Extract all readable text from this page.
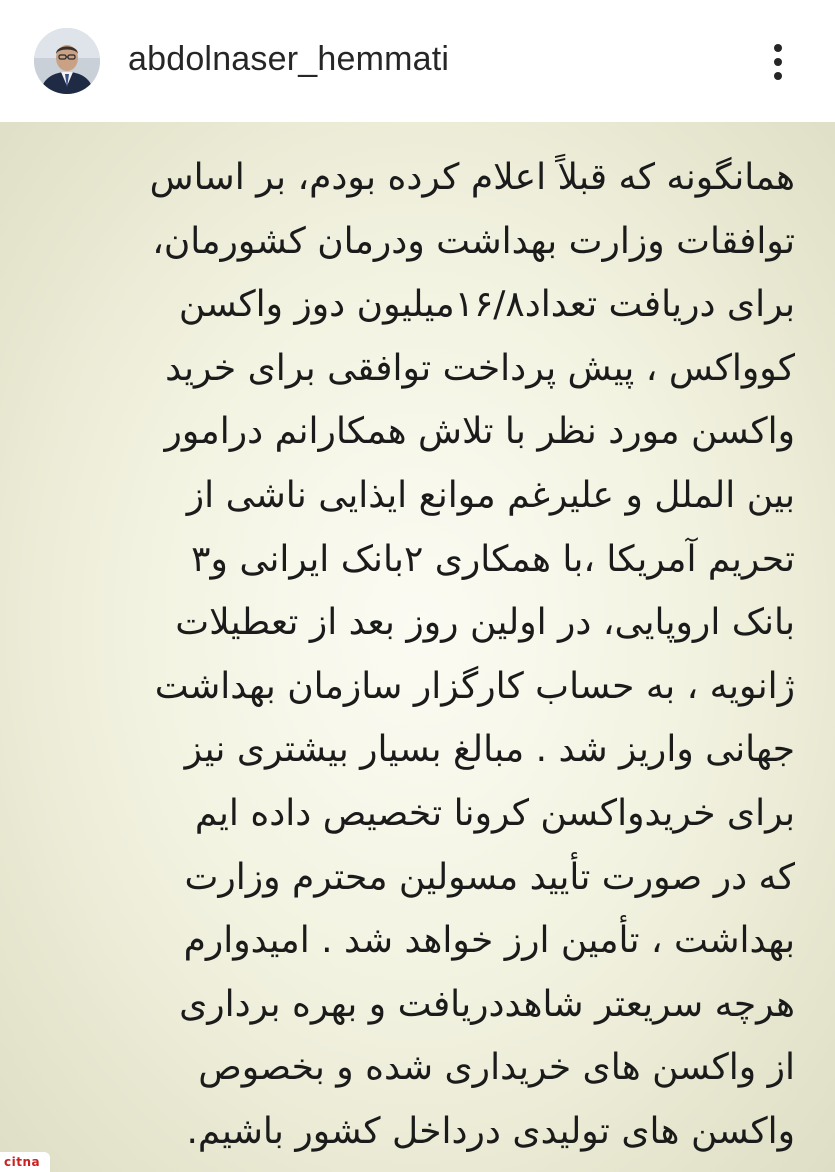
abdolnaser_hemmati
همانگونه که قبلاً اعلام کرده بودم، بر اساس
توافقات وزارت بهداشت ودرمان کشورمان،
برای دریافت تعداد۱۶/۸میلیون دوز واکسن
کوواکس ، پیش پرداخت توافقی برای خرید
واکسن مورد نظر با تلاش همکارانم درامور
بین الملل و علیرغم موانع ایذایی ناشی از
تحریم آمریکا ،با همکاری ۲بانک ایرانی و۳
بانک اروپایی، در اولین روز بعد از تعطیلات
ژانویه ، به حساب کارگزار سازمان بهداشت
جهانی واریز شد . مبالغ بسیار بیشتری نیز
برای خریدواکسن کرونا تخصیص داده ایم
که در صورت تأیید مسولین محترم وزارت
بهداشت ، تأمین ارز خواهد شد . امیدوارم
هرچه سریعتر شاهددریافت و بهره برداری
از واکسن های خریداری شده و بخصوص
واکسن های تولیدی درداخل کشور باشیم.
citna
